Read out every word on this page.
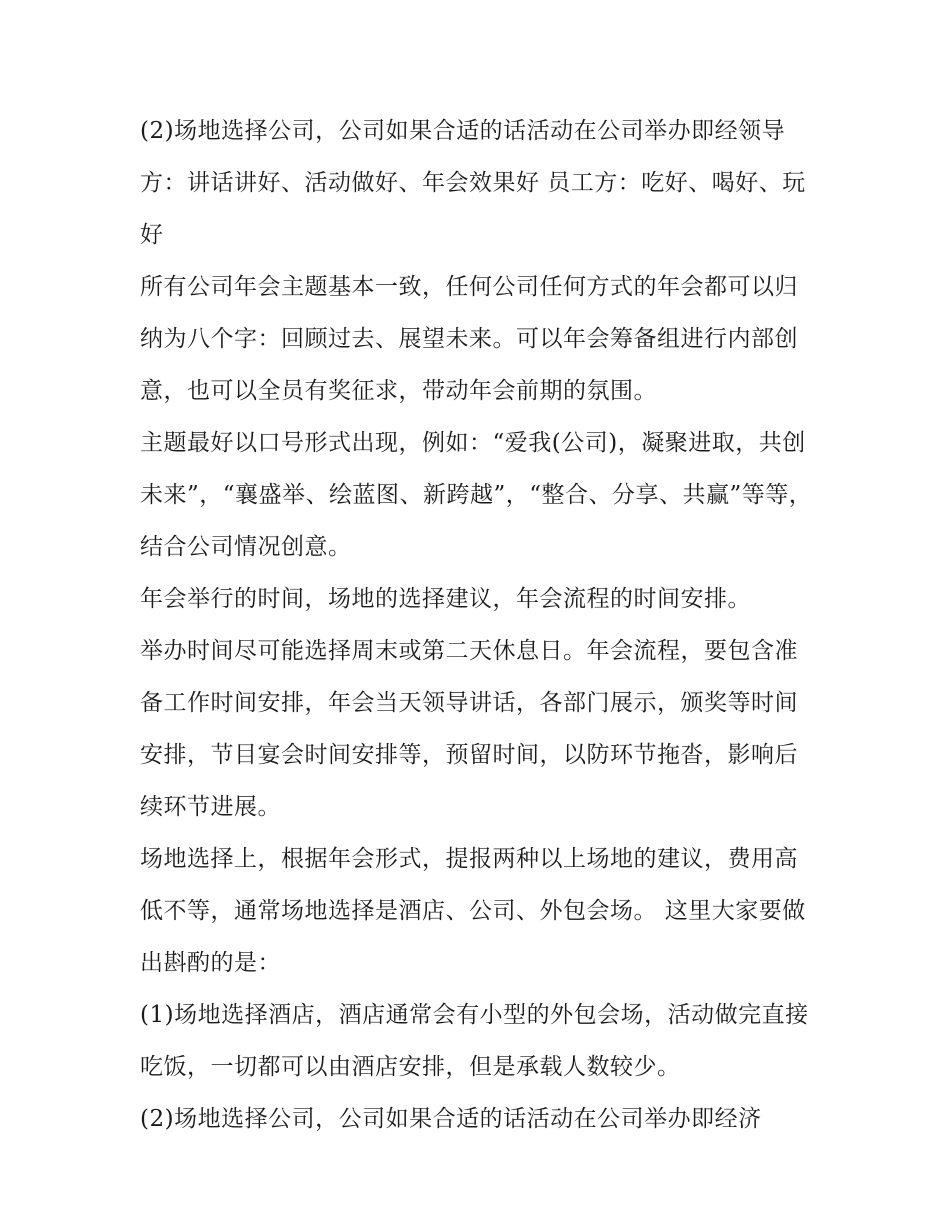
(2)场地选择公司，公司如果合适的话活动在公司举办即经领导方：讲话讲好、活动做好、年会效果好 员工方：吃好、喝好、玩好

所有公司年会主题基本一致，任何公司任何方式的年会都可以归纳为八个字：回顾过去、展望未来。可以年会筹备组进行内部创意，也可以全员有奖征求，带动年会前期的氛围。

主题最好以口号形式出现，例如：“爱我(公司)，凝聚进取，共创未来”，“襄盛举、绘蓝图、新跨越”，“整合、分享、共赢”等等，结合公司情况创意。

年会举行的时间，场地的选择建议，年会流程的时间安排。

举办时间尽可能选择周末或第二天休息日。年会流程，要包含准备工作时间安排，年会当天领导讲话，各部门展示，颁奖等时间安排，节目宴会时间安排等，预留时间，以防环节拖沓，影响后续环节进展。

场地选择上，根据年会形式，提报两种以上场地的建议，费用高低不等，通常场地选择是酒店、公司、外包会场。 这里大家要做出斟酌的是：

(1)场地选择酒店，酒店通常会有小型的外包会场，活动做完直接吃饭，一切都可以由酒店安排，但是承载人数较少。

(2)场地选择公司，公司如果合适的话活动在公司举办即经济
